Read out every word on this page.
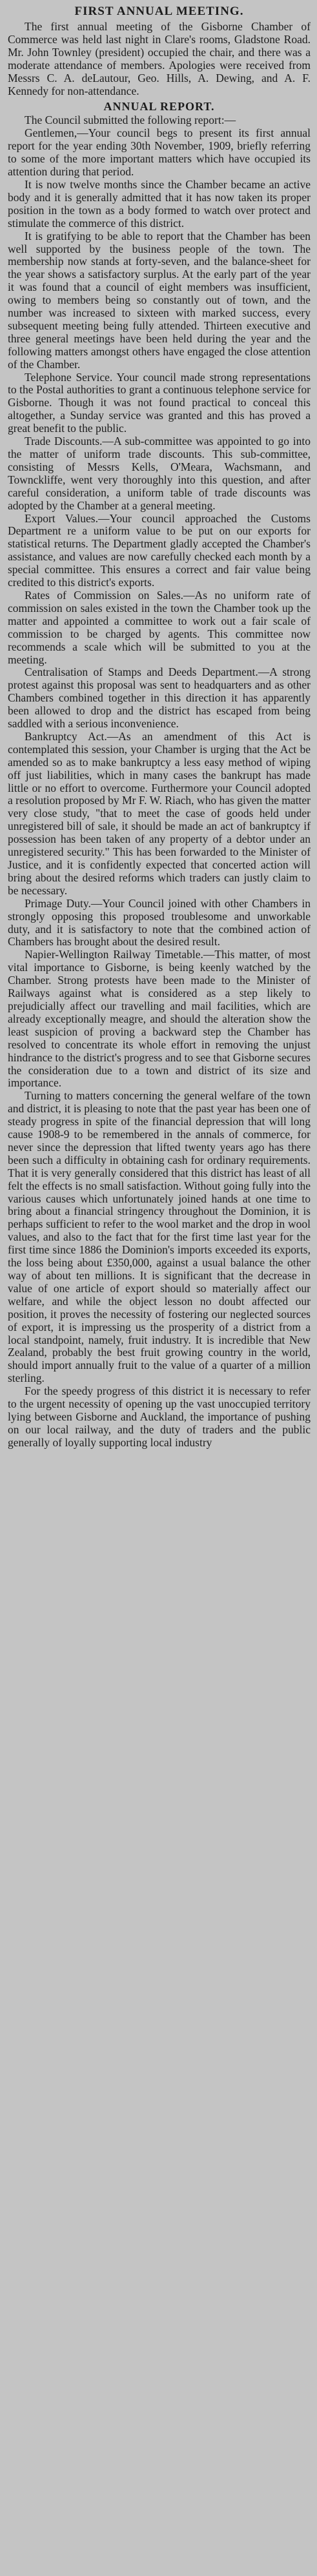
FIRST ANNUAL MEETING.

The first annual meeting of the Gisborne Chamber of Commerce was held last night in Clare's rooms, Gladstone Road. Mr. John Townley (president) occupied the chair, and there was a moderate attendance of members. Apologies were received from Messrs C. A. deLautour, Geo. Hills, A. Dewing, and A. F. Kennedy for non-attendance.

ANNUAL REPORT.

The Council submitted the following report:—

Gentlemen,—Your council begs to present its first annual report for the year ending 30th November, 1909, briefly referring to some of the more important matters which have occupied its attention during that period.

It is now twelve months since the Chamber became an active body and it is generally admitted that it has now taken its proper position in the town as a body formed to watch over protect and stimulate the commerce of this district.

It is gratifying to be able to report that the Chamber has been well supported by the business people of the town. The membership now stands at forty-seven, and the balance-sheet for the year shows a satisfactory surplus. At the early part of the year it was found that a council of eight members was insufficient, owing to members being so constantly out of town, and the number was increased to sixteen with marked success, every subsequent meeting being fully attended. Thirteen executive and three general meetings have been held during the year and the following matters amongst others have engaged the close attention of the Chamber.

Telephone Service. Your council made strong representations to the Postal authorities to grant a continuous telephone service for Gisborne. Though it was not found practical to conceal this altogether, a Sunday service was granted and this has proved a great benefit to the public.

Trade Discounts.—A sub-committee was appointed to go into the matter of uniform trade discounts. This sub-committee, consisting of Messrs Kells, O'Meara, Wachsmann, and Townckliffe, went very thoroughly into this question, and after careful consideration, a uniform table of trade discounts was adopted by the Chamber at a general meeting.

Export Values.—Your council approached the Customs Department re a uniform value to be put on our exports for statistical returns. The Department gladly accepted the Chamber's assistance, and values are now carefully checked each month by a special committee. This ensures a correct and fair value being credited to this district's exports.

Rates of Commission on Sales.—As no uniform rate of commission on sales existed in the town the Chamber took up the matter and appointed a committee to work out a fair scale of commission to be charged by agents. This committee now recommends a scale which will be submitted to you at the meeting.

Centralisation of Stamps and Deeds Department.—A strong protest against this proposal was sent to headquarters and as other Chambers combined together in this direction it has apparently been allowed to drop and the district has escaped from being saddled with a serious inconvenience.

Bankruptcy Act.—As an amendment of this Act is contemplated this session, your Chamber is urging that the Act be amended so as to make bankruptcy a less easy method of wiping off just liabilities, which in many cases the bankrupt has made little or no effort to overcome. Furthermore your Council adopted a resolution proposed by Mr F. W. Riach, who has given the matter very close study, "that to meet the case of goods held under unregistered bill of sale, it should be made an act of bankruptcy if possession has been taken of any property of a debtor under an unregistered security." This has been forwarded to the Minister of Justice, and it is confidently expected that concerted action will bring about the desired reforms which traders can justly claim to be necessary.

Primage Duty.—Your Council joined with other Chambers in strongly opposing this proposed troublesome and unworkable duty, and it is satisfactory to note that the combined action of Chambers has brought about the desired result.

Napier-Wellington Railway Timetable.—This matter, of most vital importance to Gisborne, is being keenly watched by the Chamber. Strong protests have been made to the Minister of Railways against what is considered as a step likely to prejudicially affect our travelling and mail facilities, which are already exceptionally meagre, and should the alteration show the least suspicion of proving a backward step the Chamber has resolved to concentrate its whole effort in removing the unjust hindrance to the district's progress and to see that Gisborne secures the consideration due to a town and district of its size and importance.

Turning to matters concerning the general welfare of the town and district, it is pleasing to note that the past year has been one of steady progress in spite of the financial depression that will long cause 1908-9 to be remembered in the annals of commerce, for never since the depression that lifted twenty years ago has there been such a difficulty in obtaining cash for ordinary requirements. That it is very generally considered that this district has least of all felt the effects is no small satisfaction. Without going fully into the various causes which unfortunately joined hands at one time to bring about a financial stringency throughout the Dominion, it is perhaps sufficient to refer to the wool market and the drop in wool values, and also to the fact that for the first time last year for the first time since 1886 the Dominion's imports exceeded its exports, the loss being about £350,000, against a usual balance the other way of about ten millions. It is significant that the decrease in value of one article of export should so materially affect our welfare, and while the object lesson no doubt affected our position, it proves the necessity of fostering our neglected sources of export, it is impressing us the prosperity of a district from a local standpoint, namely, fruit industry. It is incredible that New Zealand, probably the best fruit growing country in the world, should import annually fruit to the value of a quarter of a million sterling.

For the speedy progress of this district it is necessary to refer to the urgent necessity of opening up the vast unoccupied territory lying between Gisborne and Auckland, the importance of pushing on our local railway, and the duty of traders and the public generally of loyally supporting local industry
